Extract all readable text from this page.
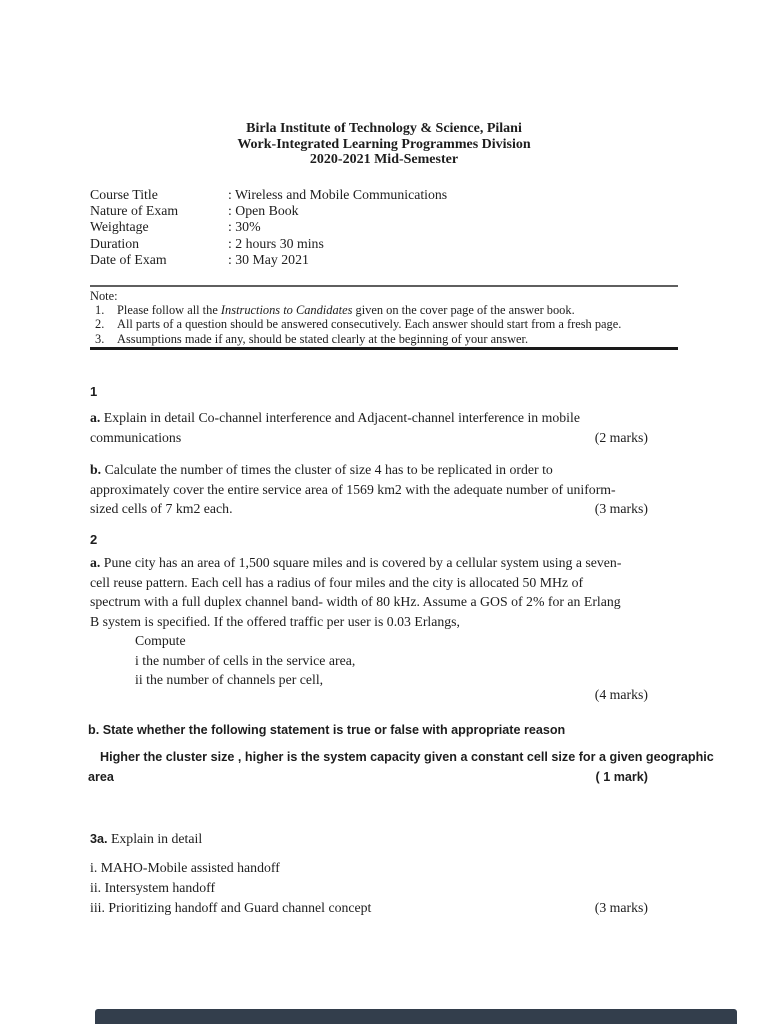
Birla Institute of Technology & Science, Pilani
Work-Integrated Learning Programmes Division
2020-2021 Mid-Semester
Course Title	: Wireless and Mobile Communications
Nature of Exam	: Open Book
Weightage	: 30%
Duration	: 2 hours 30 mins
Date of Exam	: 30 May 2021
Note:
1.	Please follow all the Instructions to Candidates given on the cover page of the answer book.
2.	All parts of a question should be answered consecutively. Each answer should start from a fresh page.
3.	Assumptions made if any, should be stated clearly at the beginning of your answer.
1
a. Explain in detail Co-channel interference and Adjacent-channel interference in mobile
communications	(2 marks)
b. Calculate the number of times the cluster of size 4 has to be replicated in order to
approximately cover the entire service area of 1569 km2 with the adequate number of uniform-
sized cells of 7 km2 each.	(3 marks)
2
a. Pune city has an area of 1,500 square miles and is covered by a cellular system using a seven-
cell reuse pattern. Each cell has a radius of four miles and the city is allocated 50 MHz of
spectrum with a full duplex channel band- width of 80 kHz. Assume a GOS of 2% for an Erlang
B system is specified. If the offered traffic per user is 0.03 Erlangs,
Compute
i the number of cells in the service area,
ii the number of channels per cell,
(4 marks)
b. State whether the following statement is true or false with appropriate reason
Higher the cluster size , higher is the system capacity given a constant cell size for a given geographic
area	( 1 mark)
3a. Explain in detail
i. MAHO-Mobile assisted handoff
ii. Intersystem handoff
iii. Prioritizing handoff and Guard channel concept	(3 marks)
